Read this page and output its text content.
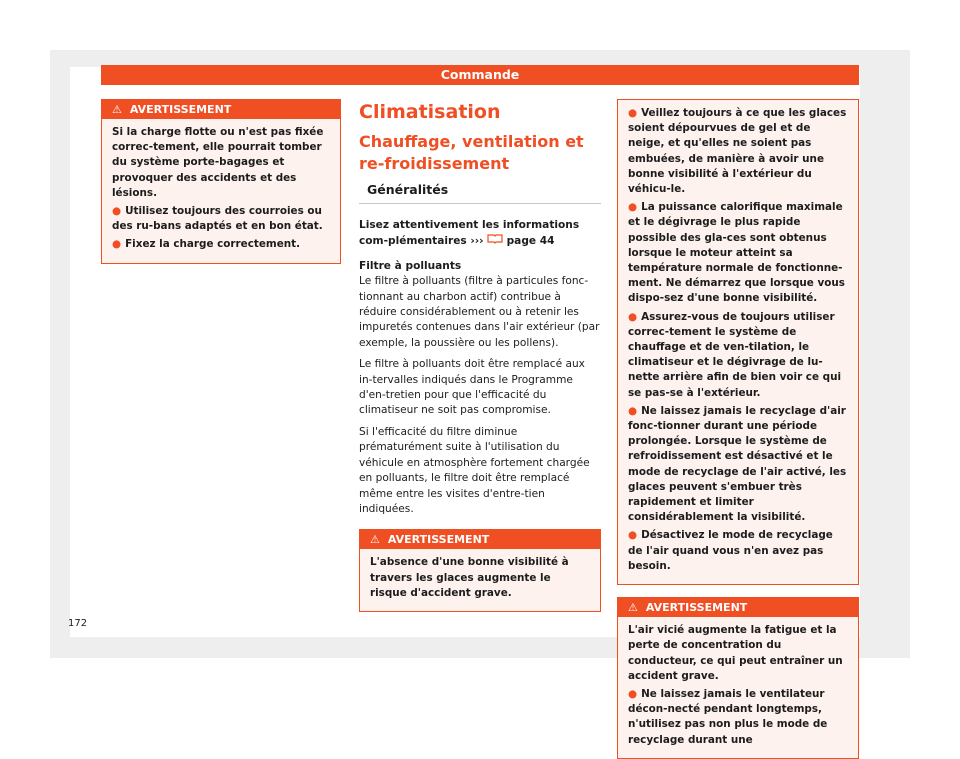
Commande
⚠ AVERTISSEMENT

Si la charge flotte ou n'est pas fixée correc-tement, elle pourrait tomber du système porte-bagages et provoquer des accidents et des lésions.

● Utilisez toujours des courroies ou des ru-bans adaptés et en bon état.

● Fixez la charge correctement.

Climatisation
Chauffage, ventilation et re-froidissement
Généralités

Lisez attentivement les informations com-plémentaires ››› page 44

Filtre à polluants

Le filtre à polluants (filtre à particules fonc-tionnant au charbon actif) contribue à réduire considérablement ou à retenir les impuretés contenues dans l'air extérieur (par exemple, la poussière ou les pollens).

Le filtre à polluants doit être remplacé aux in-tervalles indiqués dans le Programme d'en-tretien pour que l'efficacité du climatiseur ne soit pas compromise.

Si l'efficacité du filtre diminue prématurément suite à l'utilisation du véhicule en atmosphère fortement chargée en polluants, le filtre doit être remplacé même entre les visites d'entre-tien indiquées.

⚠ AVERTISSEMENT

L'absence d'une bonne visibilité à travers les glaces augmente le risque d'accident grave.

● Veillez toujours à ce que les glaces soient dépourvues de gel et de neige, et qu'elles ne soient pas embuées, de manière à avoir une bonne visibilité à l'extérieur du véhicu-le.

● La puissance calorifique maximale et le dégivrage le plus rapide possible des gla-ces sont obtenus lorsque le moteur atteint sa température normale de fonctionne-ment. Ne démarrez que lorsque vous dispo-sez d'une bonne visibilité.

● Assurez-vous de toujours utiliser correc-tement le système de chauffage et de ven-tilation, le climatiseur et le dégivrage de lu-nette arrière afin de bien voir ce qui se pas-se à l'extérieur.

● Ne laissez jamais le recyclage d'air fonc-tionner durant une période prolongée. Lorsque le système de refroidissement est désactivé et le mode de recyclage de l'air activé, les glaces peuvent s'embuer très rapidement et limiter considérablement la visibilité.

● Désactivez le mode de recyclage de l'air quand vous n'en avez pas besoin.

⚠ AVERTISSEMENT

L'air vicié augmente la fatigue et la perte de concentration du conducteur, ce qui peut entraîner un accident grave.

● Ne laissez jamais le ventilateur décon-necté pendant longtemps, n'utilisez pas non plus le mode de recyclage durant une

172
